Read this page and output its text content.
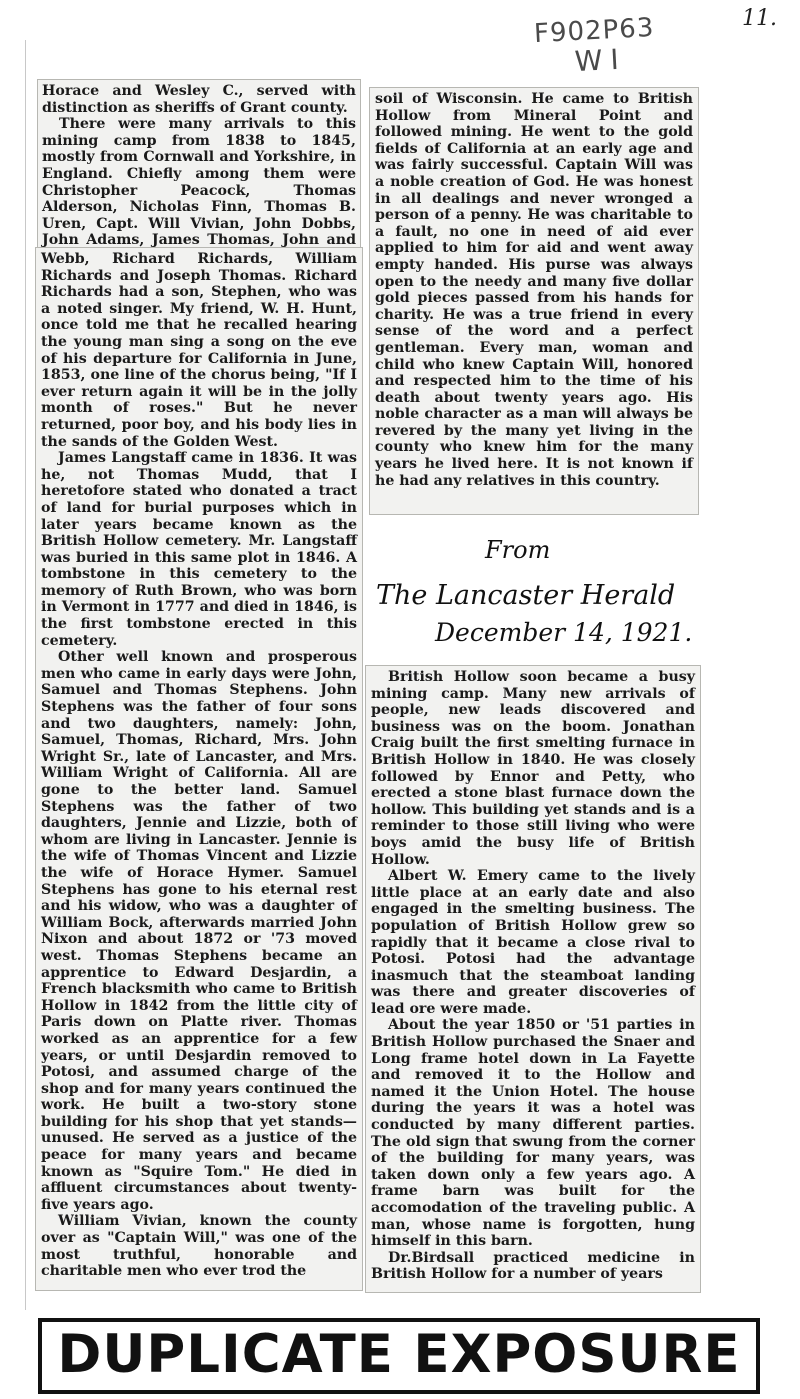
11.
F902P63
WI

Horace and Wesley C., served with distinction as sheriffs of Grant county.

There were many arrivals to this mining camp from 1838 to 1845, mostly from Cornwall and Yorkshire, in England. Chiefly among them were Christopher Peacock, Thomas Alderson, Nicholas Finn, Thomas B. Uren, Capt. Will Vivian, John Dobbs, John Adams, James Thomas, John and

Webb, Richard Richards, William Richards and Joseph Thomas. Richard Richards had a son, Stephen, who was a noted singer. My friend, W. H. Hunt, once told me that he recalled hearing the young man sing a song on the eve of his departure for California in June, 1853, one line of the chorus being, "If I ever return again it will be in the jolly month of roses." But he never returned, poor boy, and his body lies in the sands of the Golden West.

James Langstaff came in 1836. It was he, not Thomas Mudd, that I heretofore stated who donated a tract of land for burial purposes which in later years became known as the British Hollow cemetery. Mr. Langstaff was buried in this same plot in 1846. A tombstone in this cemetery to the memory of Ruth Brown, who was born in Vermont in 1777 and died in 1846, is the first tombstone erected in this cemetery.

Other well known and prosperous men who came in early days were John, Samuel and Thomas Stephens. John Stephens was the father of four sons and two daughters, namely: John, Samuel, Thomas, Richard, Mrs. John Wright Sr., late of Lancaster, and Mrs. William Wright of California. All are gone to the better land. Samuel Stephens was the father of two daughters, Jennie and Lizzie, both of whom are living in Lancaster. Jennie is the wife of Thomas Vincent and Lizzie the wife of Horace Hymer. Samuel Stephens has gone to his eternal rest and his widow, who was a daughter of William Bock, afterwards married John Nixon and about 1872 or '73 moved west. Thomas Stephens became an apprentice to Edward Desjardin, a French blacksmith who came to British Hollow in 1842 from the little city of Paris down on Platte river. Thomas worked as an apprentice for a few years, or until Desjardin removed to Potosi, and assumed charge of the shop and for many years continued the work. He built a two-story stone building for his shop that yet stands—unused. He served as a justice of the peace for many years and became known as "Squire Tom." He died in affluent circumstances about twenty-five years ago.

William Vivian, known the county over as "Captain Will," was one of the most truthful, honorable and charitable men who ever trod the

soil of Wisconsin. He came to British Hollow from Mineral Point and followed mining. He went to the gold fields of California at an early age and was fairly successful. Captain Will was a noble creation of God. He was honest in all dealings and never wronged a person of a penny. He was charitable to a fault, no one in need of aid ever applied to him for aid and went away empty handed. His purse was always open to the needy and many five dollar gold pieces passed from his hands for charity. He was a true friend in every sense of the word and a perfect gentleman. Every man, woman and child who knew Captain Will, honored and respected him to the time of his death about twenty years ago. His noble character as a man will always be revered by the many yet living in the county who knew him for the many years he lived here. It is not known if he had any relatives in this country.

From
The Lancaster Herald
December 14, 1921.

British Hollow soon became a busy mining camp. Many new arrivals of people, new leads discovered and business was on the boom. Jonathan Craig built the first smelting furnace in British Hollow in 1840. He was closely followed by Ennor and Petty, who erected a stone blast furnace down the hollow. This building yet stands and is a reminder to those still living who were boys amid the busy life of British Hollow.

Albert W. Emery came to the lively little place at an early date and also engaged in the smelting business. The population of British Hollow grew so rapidly that it became a close rival to Potosi. Potosi had the advantage inasmuch that the steamboat landing was there and greater discoveries of lead ore were made.

About the year 1850 or '51 parties in British Hollow purchased the Snaer and Long frame hotel down in La Fayette and removed it to the Hollow and named it the Union Hotel. The house during the years it was a hotel was conducted by many different parties. The old sign that swung from the corner of the building for many years, was taken down only a few years ago. A frame barn was built for the accomodation of the traveling public. A man, whose name is forgotten, hung himself in this barn.

Dr.Birdsall practiced medicine in British Hollow for a number of years

DUPLICATE EXPOSURE
